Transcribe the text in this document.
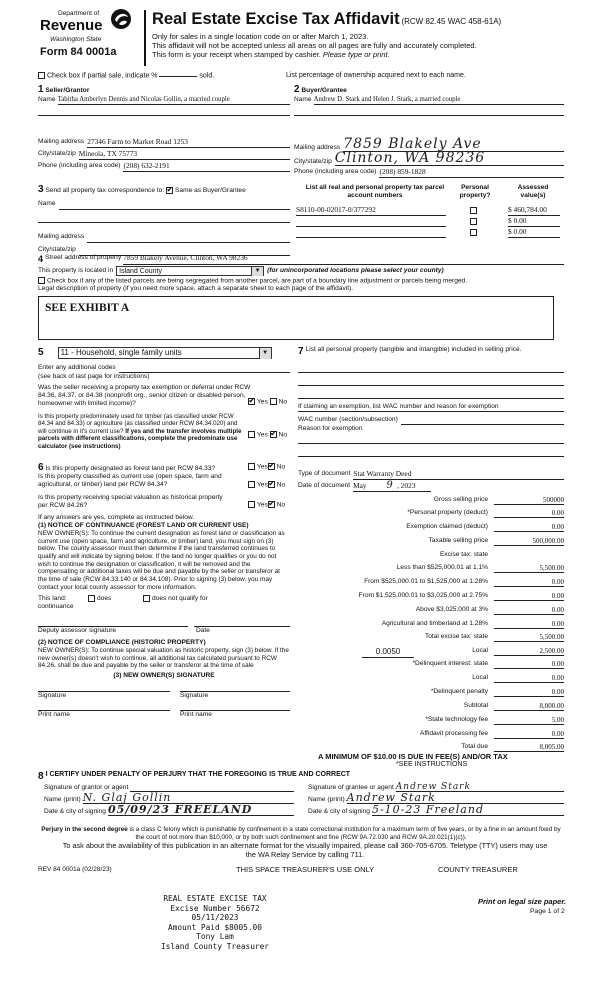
Department of
Revenue
Washington State
Form 84 0001a
Real Estate Excise Tax Affidavit (RCW 82.45 WAC 458-61A)
Only for sales in a single location code on or after March 1, 2023.
This affidavit will not be accepted unless all areas on all pages are fully and accurately completed.
This form is your receipt when stamped by cashier. Please type or print.
Check box if partial sale, indicate %	sold.	List percentage of ownership acquired next to each name.
1 Seller/Grantor
Name Tabitha Amberlyn Dennis and Nicolas Gollin, a married couple
Mailing address 27346 Farm to Market Road 1253
City/state/zip Mineola, TX 75773
Phone (including area code) (208) 632-2191
2 Buyer/Grantee
Name Andrew D. Stark and Helen J. Stark, a married couple
Mailing address 7859 Blakely Ave
City/state/zip Clinton, WA 98236
Phone (including area code) (208) 859-1828
3 Send all property tax correspondence to: ✔ Same as Buyer/Grantee
Name
Mailing address
City/state/zip
List all real and personal property tax parcel account numbers
Personal property?
Assessed value(s)
S8110-00-02017-0/377292	$ 460,784.00
$ 0.00
$ 0.00
4 Street address of property 7859 Blakely Avenue, Clinton, WA 98236
This property is located in Island County	▼ (for unincorporated locations please select your county)
Check box if any of the listed parcels are being segregated from another parcel, are part of a boundary line adjustment or parcels being merged.
Legal description of property (if you need more space, attach a separate sheet to each page of the affidavit).
SEE EXHIBIT A
5	11 - Household, single family units	▼
Enter any additional codes
(see back of last page for instructions)
Was the seller receiving a property tax exemption or deferral under RCW 84.36, 84.37, or 84.38 (nonprofit org., senior citizen or disabled person, homeowner with limited income)? ✔	Yes No
Is this property predominately used for timber (as classified under RCW 84.34 and 84.33) or agriculture (as classified under RCW 84.34.020) and will continue in it's current use? If yes and the transfer involves multiple parcels with different classifications, complete the predominate use calculator (see instructions)
Yes ✔ No
7 List all personal property (tangible and intangible) included in selling price.
If claiming an exemption, list WAC number and reason for exemption
WAC number (section/subsection)
Reason for exemption
6 Is this property designated as forest land per RCW 84.33?	Yes ✔ No
Is this property classified as current use (open space, farm and agricultural, or timber) land per RCW 84.34?	Yes ✔ No
Is this property receiving special valuation as historical property per RCW 84.26?	Yes ✔ No
If any answers are yes, complete as instructed below.
(1) NOTICE OF CONTINUANCE (FOREST LAND OR CURRENT USE)
NEW OWNER(S): To continue the current designation as forest land or classification as current use (open space, farm and agriculture, or timber) land, you must sign on (3) below. The county assessor must then determine if the land transferred continues to qualify and will indicate by signing below. If the land no longer qualifies or you do not wish to continue the designation or classification, it will be removed and the compensating or additional taxes will be due and payable by the seller or transferor at the time of sale (RCW 84.33.140 or 84.34.108). Prior to signing (3) below, you may contact your local county assessor for more information.
This land:	does	does not qualify for
continuance
Deputy assessor signature	Date
(2) NOTICE OF COMPLIANCE (HISTORIC PROPERTY)
NEW OWNER(S): To continue special valuation as historic property, sign (3) below. If the new owner(s) doesn't wish to continue, all additional tax calculated pursuant to RCW 84.26, shall be due and payable by the seller or transferor at the time of sale
(3) NEW OWNER(S) SIGNATURE
Signature	Signature
Print name	Print name
Type of document Stat Warranty Deed
Date of document May	9 , 2023
Gross selling price	500000
*Personal property (deduct)	0.00
Exemption claimed (deduct)	0.00
Taxable selling price	500,000.00
Excise tax: state
Less than $525,000.01 at 1.1%	5,500.00
From $525,000.01 to $1,525,000 at 1.28%	0.00
From $1,525,000.01 to $3,025,000 at 2.75%	0.00
Above $3,025,000 at 3%	0.00
Agricultural and timberland at 1.28%	0.00
Total excise tax: state	5,500.00
Local	2,500.00
*Delinquent interest: state	0.00
Local	0.00
*Delinquent penalty	0.00
Subtotal	8,000.00
*State technology fee	5.00
Affidavit processing fee	0.00
Total due	8,005.00
0.0050
A MINIMUM OF $10.00 IS DUE IN FEE(S) AND/OR TAX
*SEE INSTRUCTIONS
8 I CERTIFY UNDER PENALTY OF PERJURY THAT THE FOREGOING IS TRUE AND CORRECT
Signature of grantor or agent
Name (print) N. Glaj Gollin
Date & city of signing 05/09/23 FREELAND
Signature of grantee or agent Andrew Stark
Name (print) Andrew Stark
Date & city of signing 5-10-23 Freeland
Perjury in the second degree is a class C felony which is punishable by confinement in a state correctional institution for a maximum term of five years, or by a fine in an amount fixed by the court of not more than $10,000, or by both such confinement and fine (RCW 9A.72.030 and RCW 9A.20.021(1)(c)).
To ask about the availability of this publication in an alternate format for the visually impaired, please call 360-705-6705. Teletype (TTY) users may use the WA Relay Service by calling 711.
REV 84 0001a (02/28/23)	THIS SPACE TREASURER'S USE ONLY	COUNTY TREASURER
REAL ESTATE EXCISE TAX
Excise Number 56672
05/11/2023
Amount Paid $8005.00
Tony Lam
Island County Treasurer
Print on legal size paper.
Page 1 of 2
